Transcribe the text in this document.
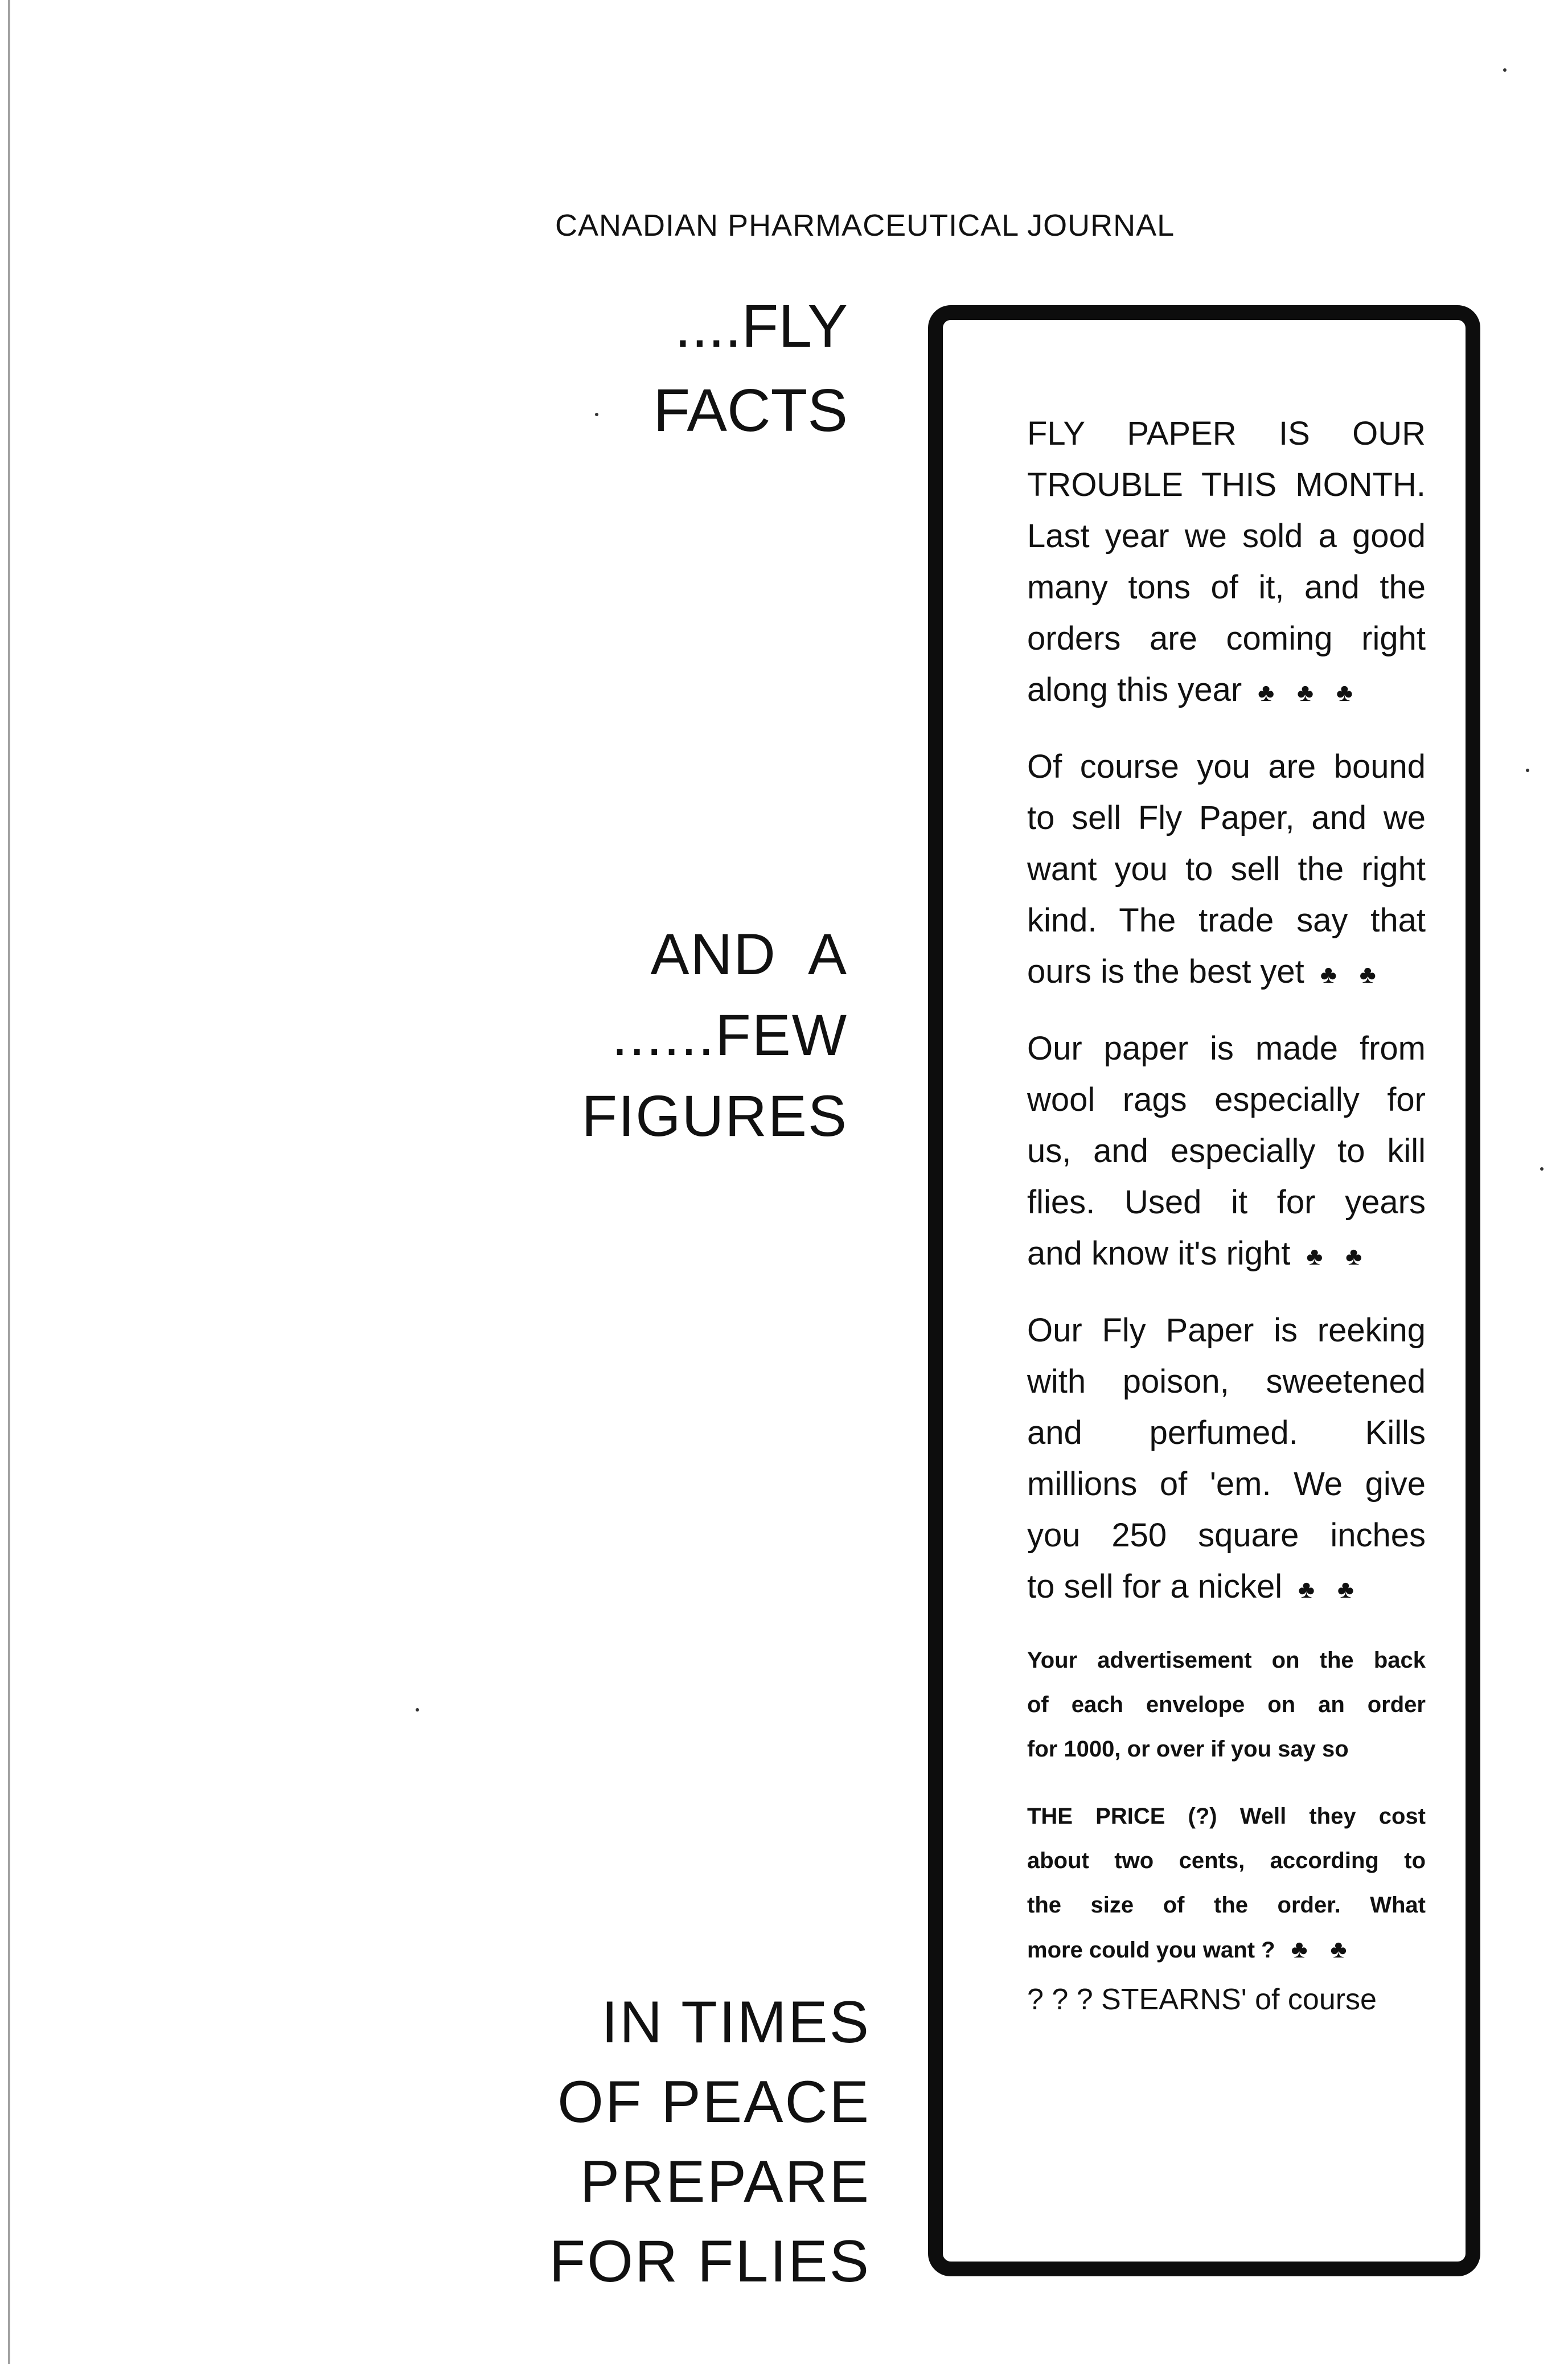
CANADIAN PHARMACEUTICAL JOURNAL
....FLY
FACTS
AND  A
......FEW
FIGURES
IN TIMES
OF PEACE
PREPARE
FOR FLIES
FLY PAPER IS OUR
TROUBLE THIS MONTH.
Last year we sold a good
many tons of it, and the
orders are coming right
along this year ♣♣♣
Of course you are bound
to sell Fly Paper, and we
want you to sell the right
kind. The trade say that
ours is the best yet ♣♣
Our paper is made from
wool rags especially for
us, and especially to kill
flies. Used it for years
and know it's right ♣♣
Our Fly Paper is reeking
with poison, sweetened
and perfumed. Kills
millions of 'em. We give
you 250 square inches
to sell for a nickel ♣♣
Your advertisement on the back
of each envelope on an order
for 1000, or over if you say so
THE PRICE (?) Well they cost
about two cents, according to
the size of the order. What
more could you want ? ♣♣
? ? ? STEARNS' of course
